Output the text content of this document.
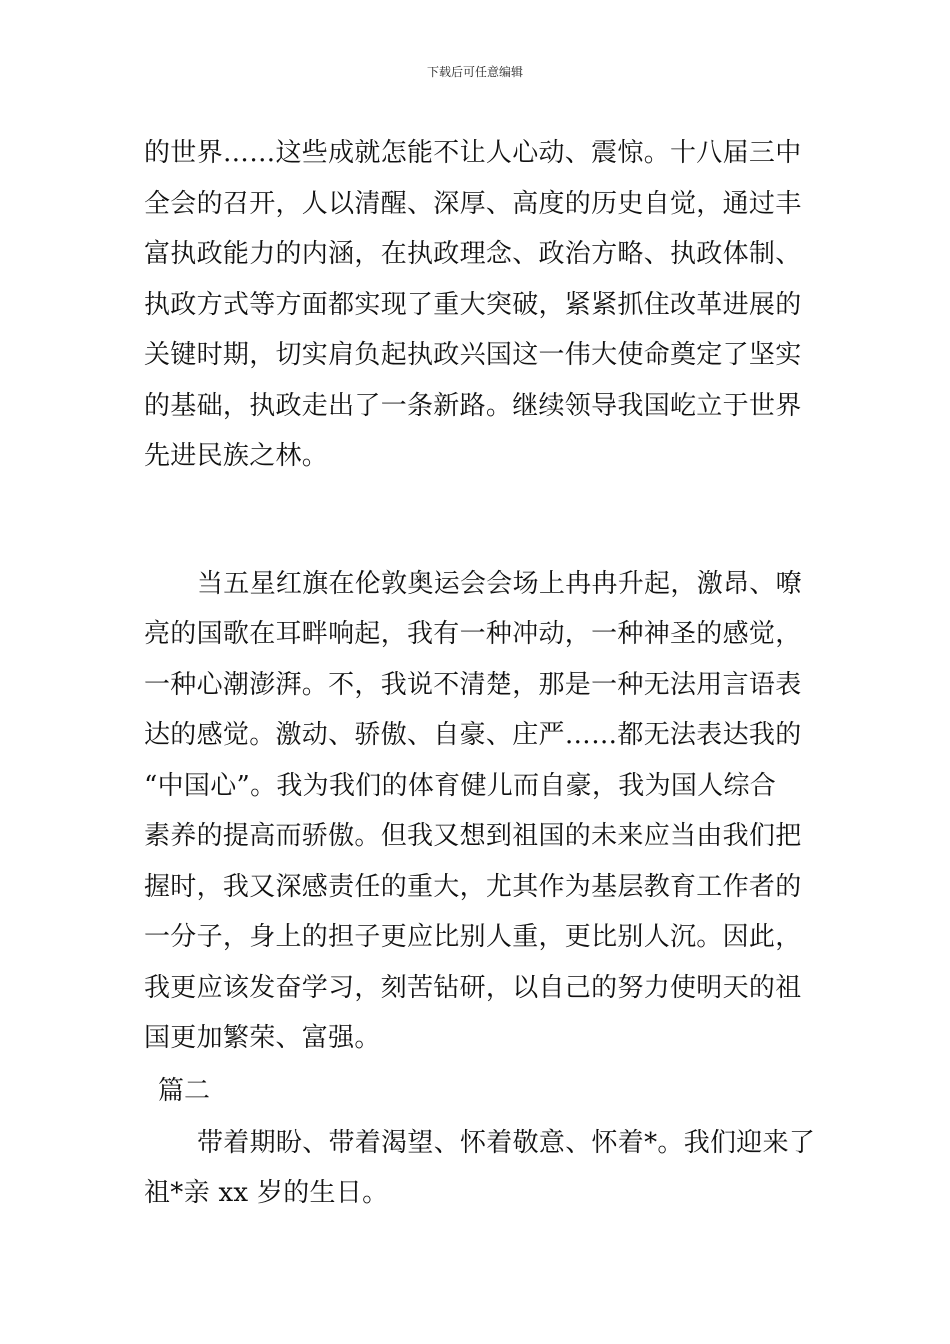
下载后可任意编辑
的世界……这些成就怎能不让人心动、震惊。十八届三中
全会的召开，人以清醒、深厚、高度的历史自觉，通过丰
富执政能力的内涵，在执政理念、政治方略、执政体制、
执政方式等方面都实现了重大突破，紧紧抓住改革进展的
关键时期，切实肩负起执政兴国这一伟大使命奠定了坚实
的基础，执政走出了一条新路。继续领导我国屹立于世界
先进民族之林。
当五星红旗在伦敦奥运会会场上冉冉升起，激昂、嘹
亮的国歌在耳畔响起，我有一种冲动，一种神圣的感觉，
一种心潮澎湃。不，我说不清楚，那是一种无法用言语表
达的感觉。激动、骄傲、自豪、庄严……都无法表达我的
“中国心”。我为我们的体育健儿而自豪，我为国人综合
素养的提高而骄傲。但我又想到祖国的未来应当由我们把
握时，我又深感责任的重大，尤其作为基层教育工作者的
一分子，身上的担子更应比别人重，更比别人沉。因此，
我更应该发奋学习，刻苦钻研，以自己的努力使明天的祖
国更加繁荣、富强。
篇二
带着期盼、带着渴望、怀着敬意、怀着*。我们迎来了
祖*亲 xx 岁的生日。
